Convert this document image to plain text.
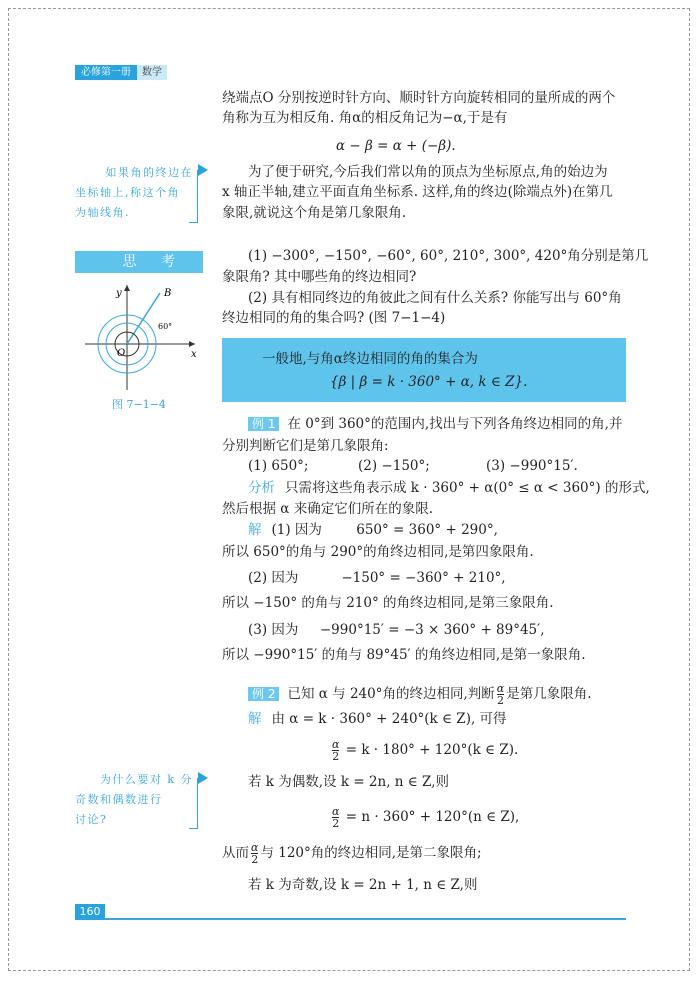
必修第一册	数学
绕端点O 分别按逆时针方向、顺时针方向旋转相同的量所成的两个
角称为互为相反角. 角α的相反角记为−α,于是有
α − β = α + (−β).
为了便于研究,今后我们常以角的顶点为坐标原点,角的始边为
x 轴正半轴,建立平面直角坐标系. 这样,角的终边(除端点外)在第几
象限,就说这个角是第几象限角.
如果角的终边在
坐标轴上,称这个角
为轴线角.
思 考	(1) −300°, −150°, −60°, 60°, 210°, 300°, 420°角分别是第几
象限角? 其中哪些角的终边相同?
(2) 具有相同终边的角彼此之间有什么关系? 你能写出与 60°角
终边相同的角的集合吗? (图 7−1−4)
y
x
O
B
60°
图 7−1−4
一般地,与角α终边相同的角的集合为
{β | β = k · 360° + α, k ∈ Z}.
例 1 在 0°到 360°的范围内,找出与下列各角终边相同的角,并
分别判断它们是第几象限角:
(1) 650°;	(2) −150°;	(3) −990°15′.
分析 只需将这些角表示成 k · 360° + α(0° ≤ α < 360°) 的形式,
然后根据 α 来确定它们所在的象限.
解 (1) 因为        650° = 360° + 290°,
所以 650°的角与 290°的角终边相同,是第四象限角.
(2) 因为          −150° = −360° + 210°,
所以 −150° 的角与 210° 的角终边相同,是第三象限角.
(3) 因为     −990°15′ = −3 × 360° + 89°45′,
所以 −990°15′ 的角与 89°45′ 的角终边相同,是第一象限角.
例 2 已知 α 与 240°角的终边相同,判断 $\frac{\alpha}{2}$ 是第几象限角.
解 由 α = k · 360° + 240°(k ∈ Z), 可得
$\frac{\alpha}{2} = k \cdot 180^\circ + 120^\circ(k$ ∈ Z).
若 k 为偶数,设 k = 2n, n ∈ Z,则
$\frac{\alpha}{2} = n \cdot 360^\circ + 120^\circ(n$ ∈ Z),
从而 $\frac{\alpha}{2}$ 与 120°角的终边相同,是第二象限角;
若 k 为奇数,设 k = 2n + 1, n ∈ Z,则
为什么要对 k 分
奇数和偶数进行
讨论?
160
